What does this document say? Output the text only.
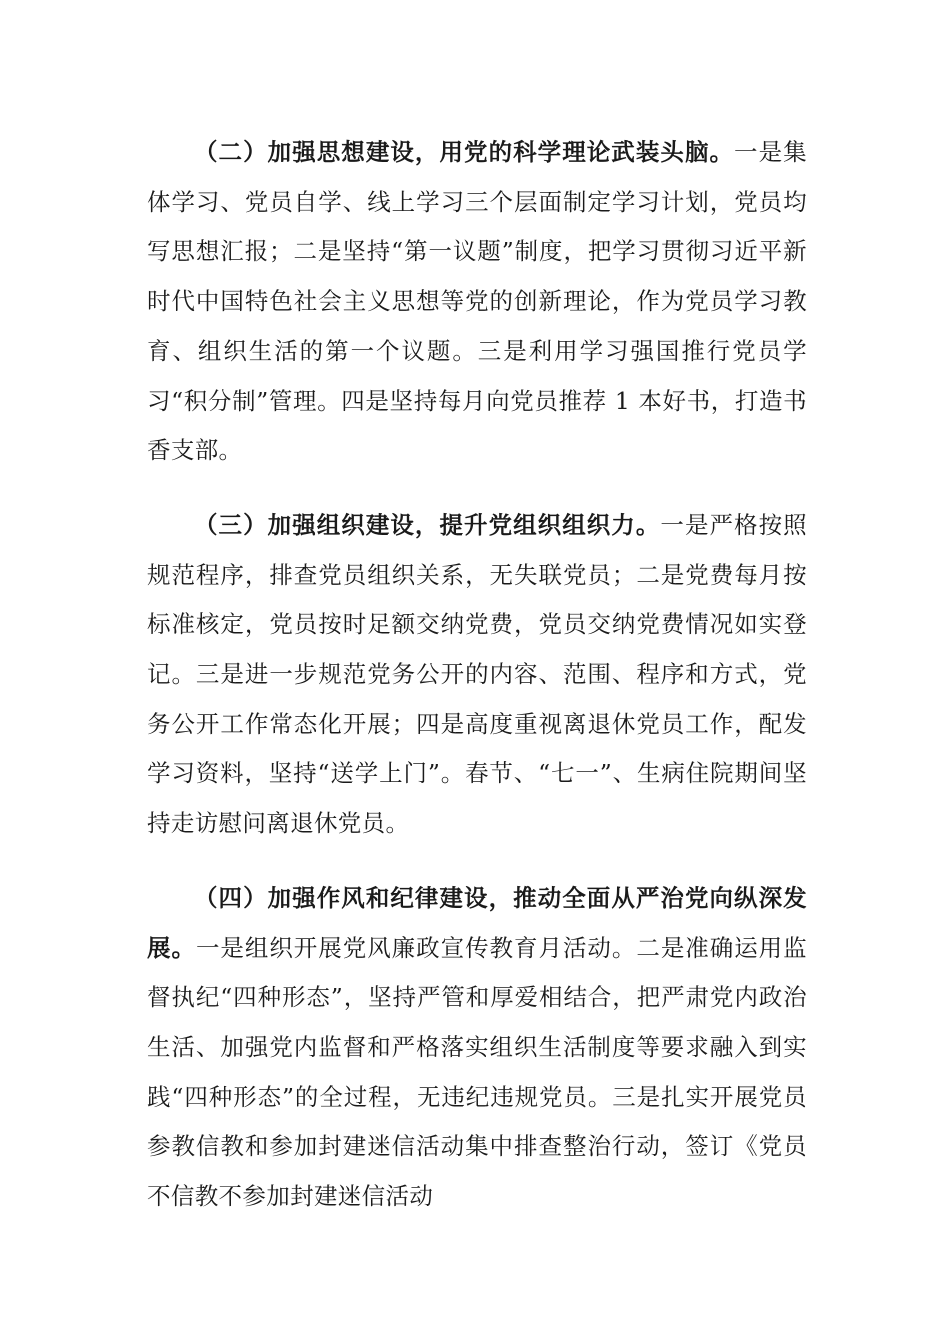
（二）加强思想建设，用党的科学理论武装头脑。一是集体学习、党员自学、线上学习三个层面制定学习计划，党员均写思想汇报；二是坚持“第一议题”制度，把学习贯彻习近平新时代中国特色社会主义思想等党的创新理论，作为党员学习教育、组织生活的第一个议题。三是利用学习强国推行党员学习“积分制”管理。四是坚持每月向党员推荐 1 本好书，打造书香支部。

（三）加强组织建设，提升党组织组织力。一是严格按照规范程序，排查党员组织关系，无失联党员；二是党费每月按标准核定，党员按时足额交纳党费，党员交纳党费情况如实登记。三是进一步规范党务公开的内容、范围、程序和方式，党务公开工作常态化开展；四是高度重视离退休党员工作，配发学习资料，坚持“送学上门”。春节、“七一”、生病住院期间坚持走访慰问离退休党员。

（四）加强作风和纪律建设，推动全面从严治党向纵深发展。一是组织开展党风廉政宣传教育月活动。二是准确运用监督执纪“四种形态”，坚持严管和厚爱相结合，把严肃党内政治生活、加强党内监督和严格落实组织生活制度等要求融入到实践“四种形态”的全过程，无违纪违规党员。三是扎实开展党员参教信教和参加封建迷信活动集中排查整治行动，签订《党员不信教不参加封建迷信活动
